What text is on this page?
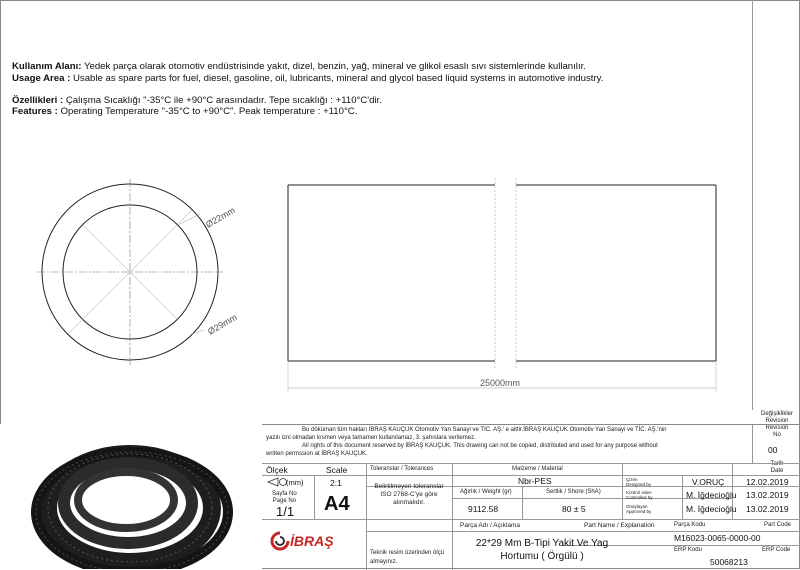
Kullanım Alanı: Yedek parça olarak otomotiv endüstrisinde yakıt, dizel, benzin, yağ, mineral ve glikol esaslı sıvı sistemlerinde kullanılır.
Usage Area : Usable as spare parts for fuel, diesel, gasoline, oil, lubricants, mineral and glycol based liquid systems in automotive industry.
Özellikleri : Çalışma Sıcaklığı "-35°C ile +90°C arasındadır. Tepe sıcaklığı : +110°C'dir.
Features : Operating Temperature "-35°C to +90°C". Peak temperature : +110°C.
Ø22mm
Ø29mm
25000mm
Değişiklikler
Revision
Revision
No
00
Tarih
Date
Bu döküman tüm hakları İBRAŞ KAUÇUK Otomotiv Yan Sanayi ve TİC. AŞ.' e aittir.İBRAŞ KAUÇUK Otomotiv Yan Sanayi ve TİC. AŞ.'nin
yazılı izni olmadan kısmen veya tamamen kullanılamaz, 3. şahıslara verilemez.
All rights of this document reserved by İBRAŞ KAUÇUK. This drawing can not be copied, distributed and used for any purpose without
written permssion at İBRAŞ KAUÇUK.
Ölçek	Scale
(mm)	2:1
Sayfa No
Page No
1/1 A4
Toleranslar / Tolerances
Belirtilmeyen toleranslar
ISO 2768-C'ye göre
alınmalıdır.
Malzeme / Material
Nbr-PES
Ağırlık / Weight (gr)
9112.58
Sertlik / Shore (ShA)
80 ± 5
Çizen
Designed by	V.ORUÇ	12.02.2019
Kontrol eden
Controlled by	M. İğdecioğlu 13.02.2019
Onaylayan
Approved by	M. İğdecioğlu 13.02.2019
Parça Adı / Açıklama	Part Name / Explanation
22*29 Mm B-Tipi Yakit Ve Yag
Hortumu ( Örgülü )
Parça Kodu	Part Code
M16023-0065-0000-00
ERP Kodu	ERP Code
50068213
İBRAŞ
Teknik resim üzerinden ölçü
almayınız.
